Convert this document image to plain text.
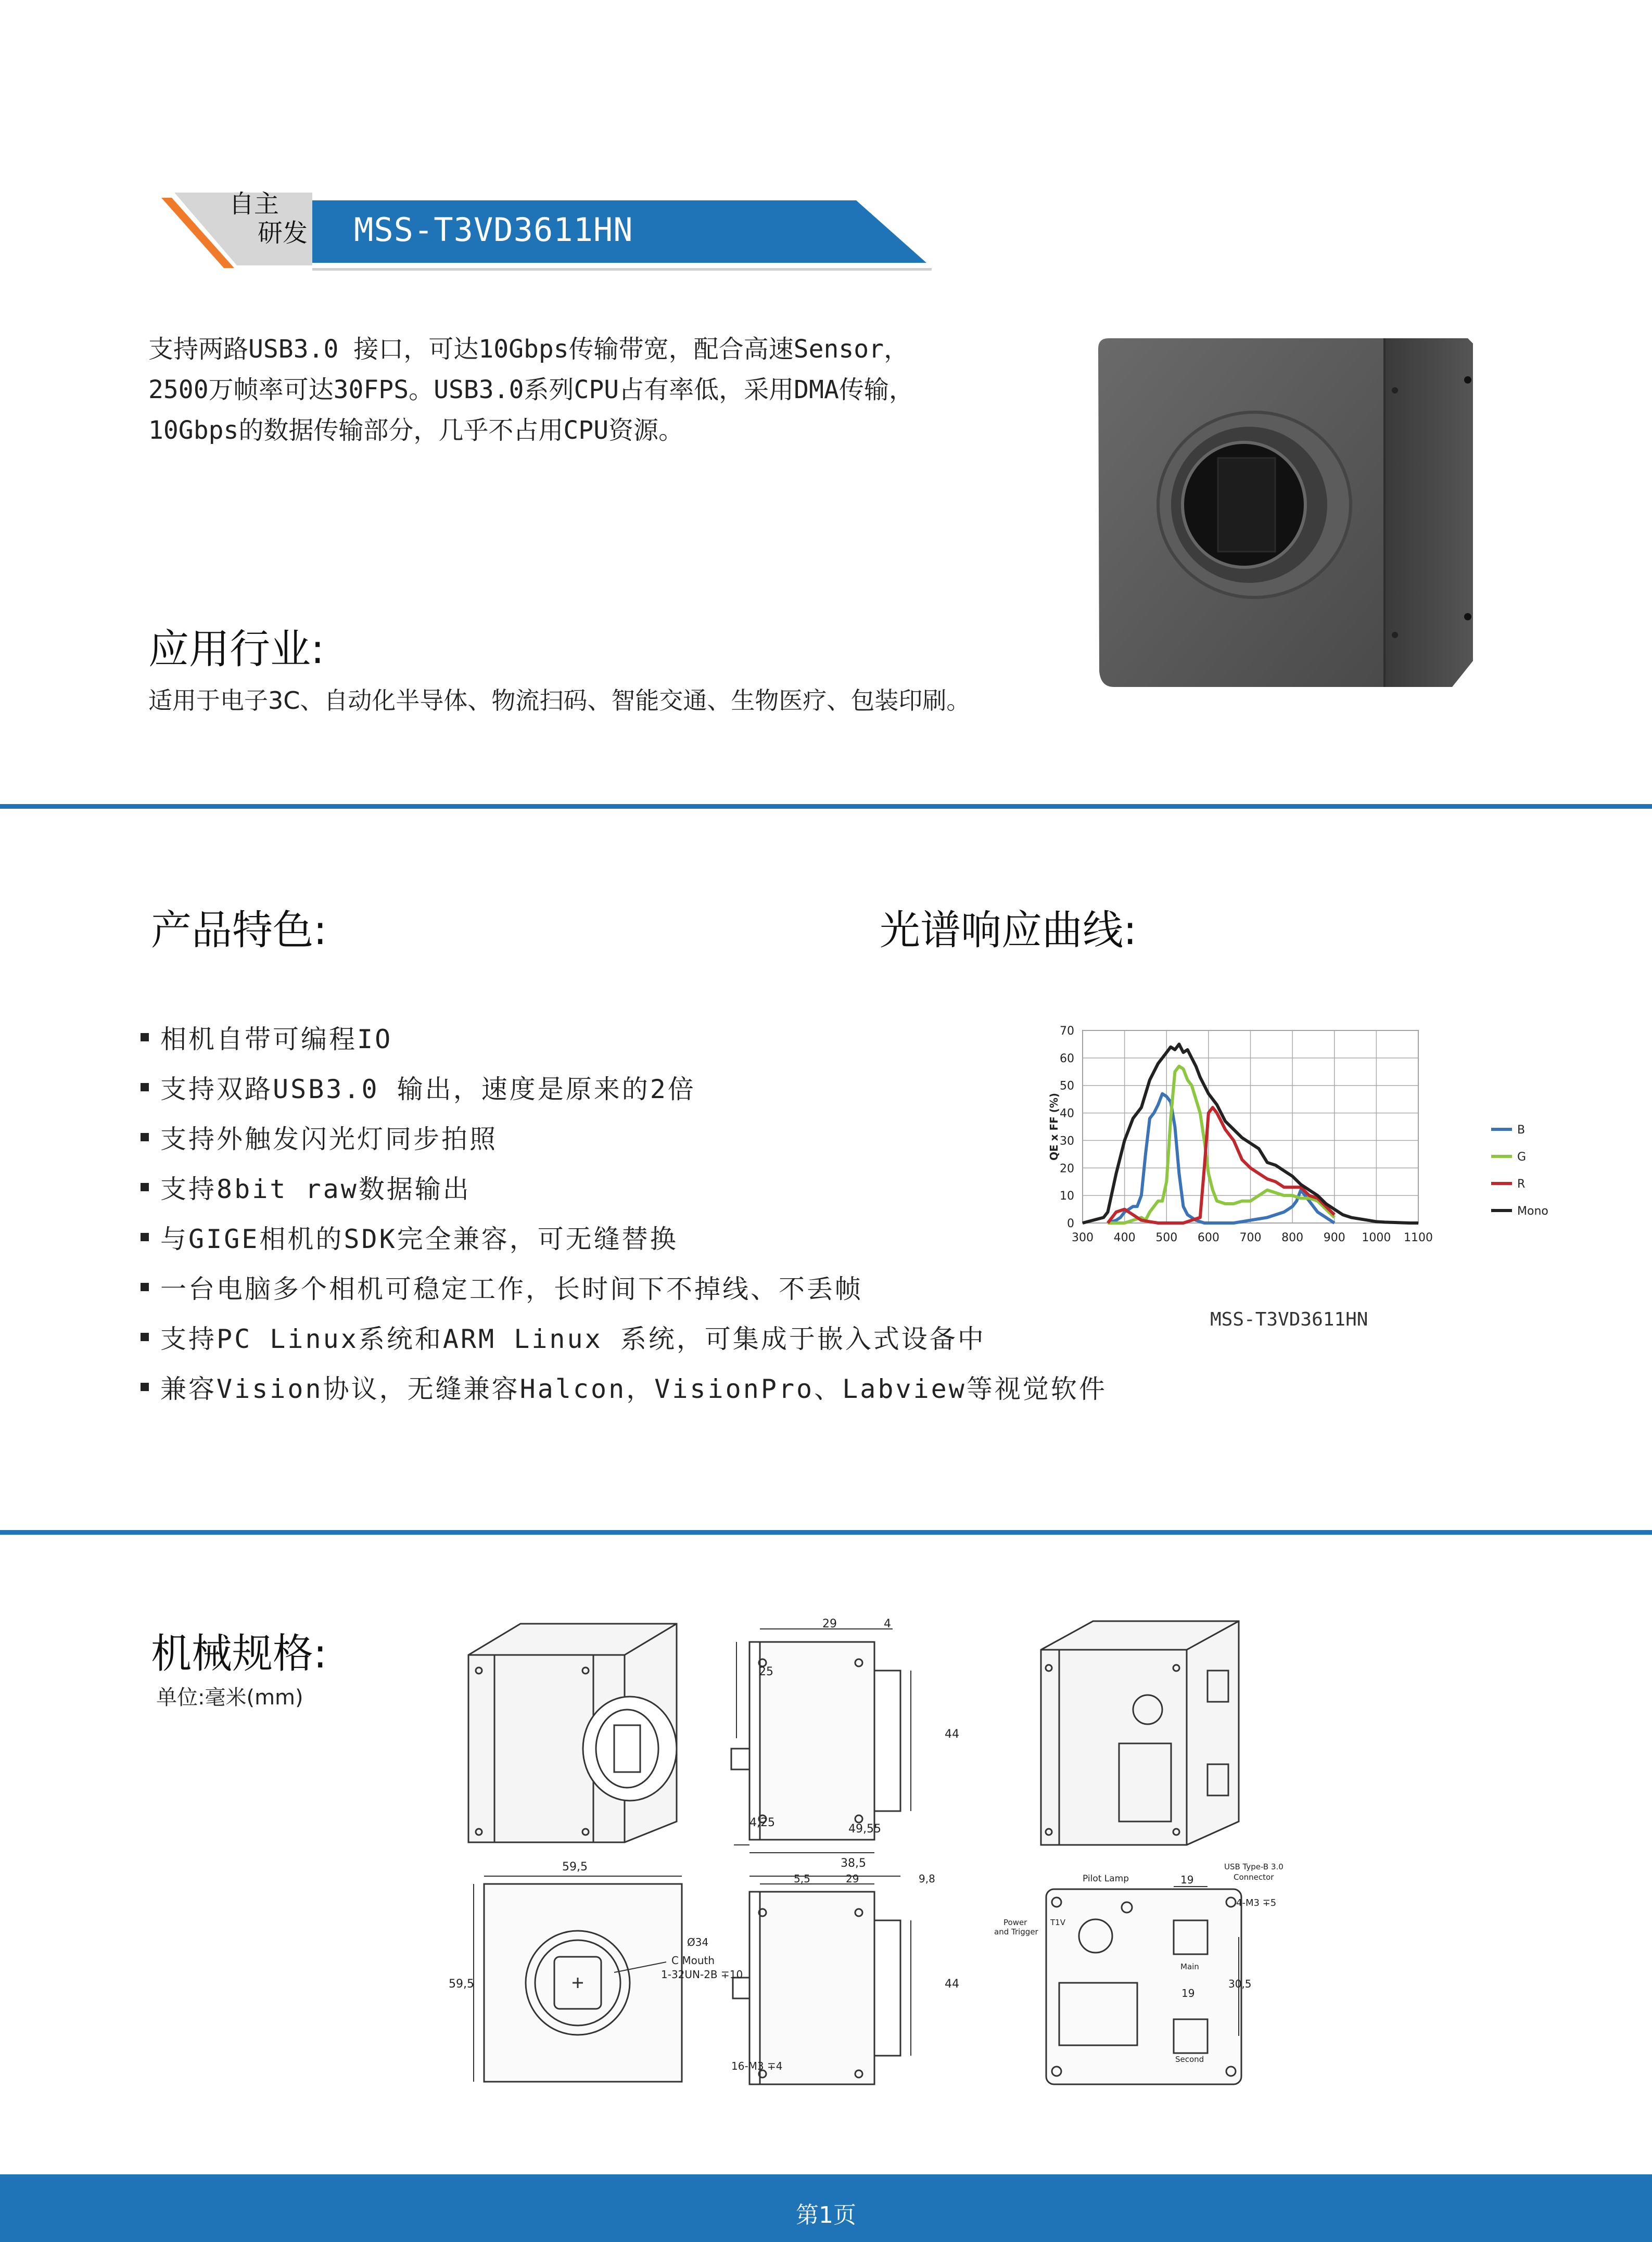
自主
研发 MSS-T3VD3611HN
支持两路USB3.0 接口，可达10Gbps传输带宽，配合高速Sensor，
2500万帧率可达30FPS。USB3.0系列CPU占有率低，采用DMA传输，
10Gbps的数据传输部分，几乎不占用CPU资源。
应用行业:
适用于电子3C、自动化半导体、物流扫码、智能交通、生物医疗、包装印刷。
产品特色:	光谱响应曲线:
相机自带可编程IO
支持双路USB3.0 输出，速度是原来的2倍
支持外触发闪光灯同步拍照
支持8bit raw数据输出
与GIGE相机的SDK完全兼容，可无缝替换
一台电脑多个相机可稳定工作，长时间下不掉线、不丢帧
支持PC Linux系统和ARM Linux 系统，可集成于嵌入式设备中
兼容Vision协议，无缝兼容Halcon，VisionPro、Labview等视觉软件
300 400 500 600 700 800 900 1000 1100
0
10
20
30
40
50
60
70
B
G
R
Mono
QE x FF (%)
MSS-T3VD3611HN
机械规格:
单位:毫米(mm)
29	4
25
44
4,25	49,55
59,5
59,5
Ø34
C Mouth
1-32UN-2B ∓10
38,5
5,5	29	9,8
44
16-M3 ∓4
Pilot Lamp	19
USB Type-B 3.0
Connector
4-M3 ∓5
Power
and Trigger
T1V
Main
19
30,5
Second
第1页
